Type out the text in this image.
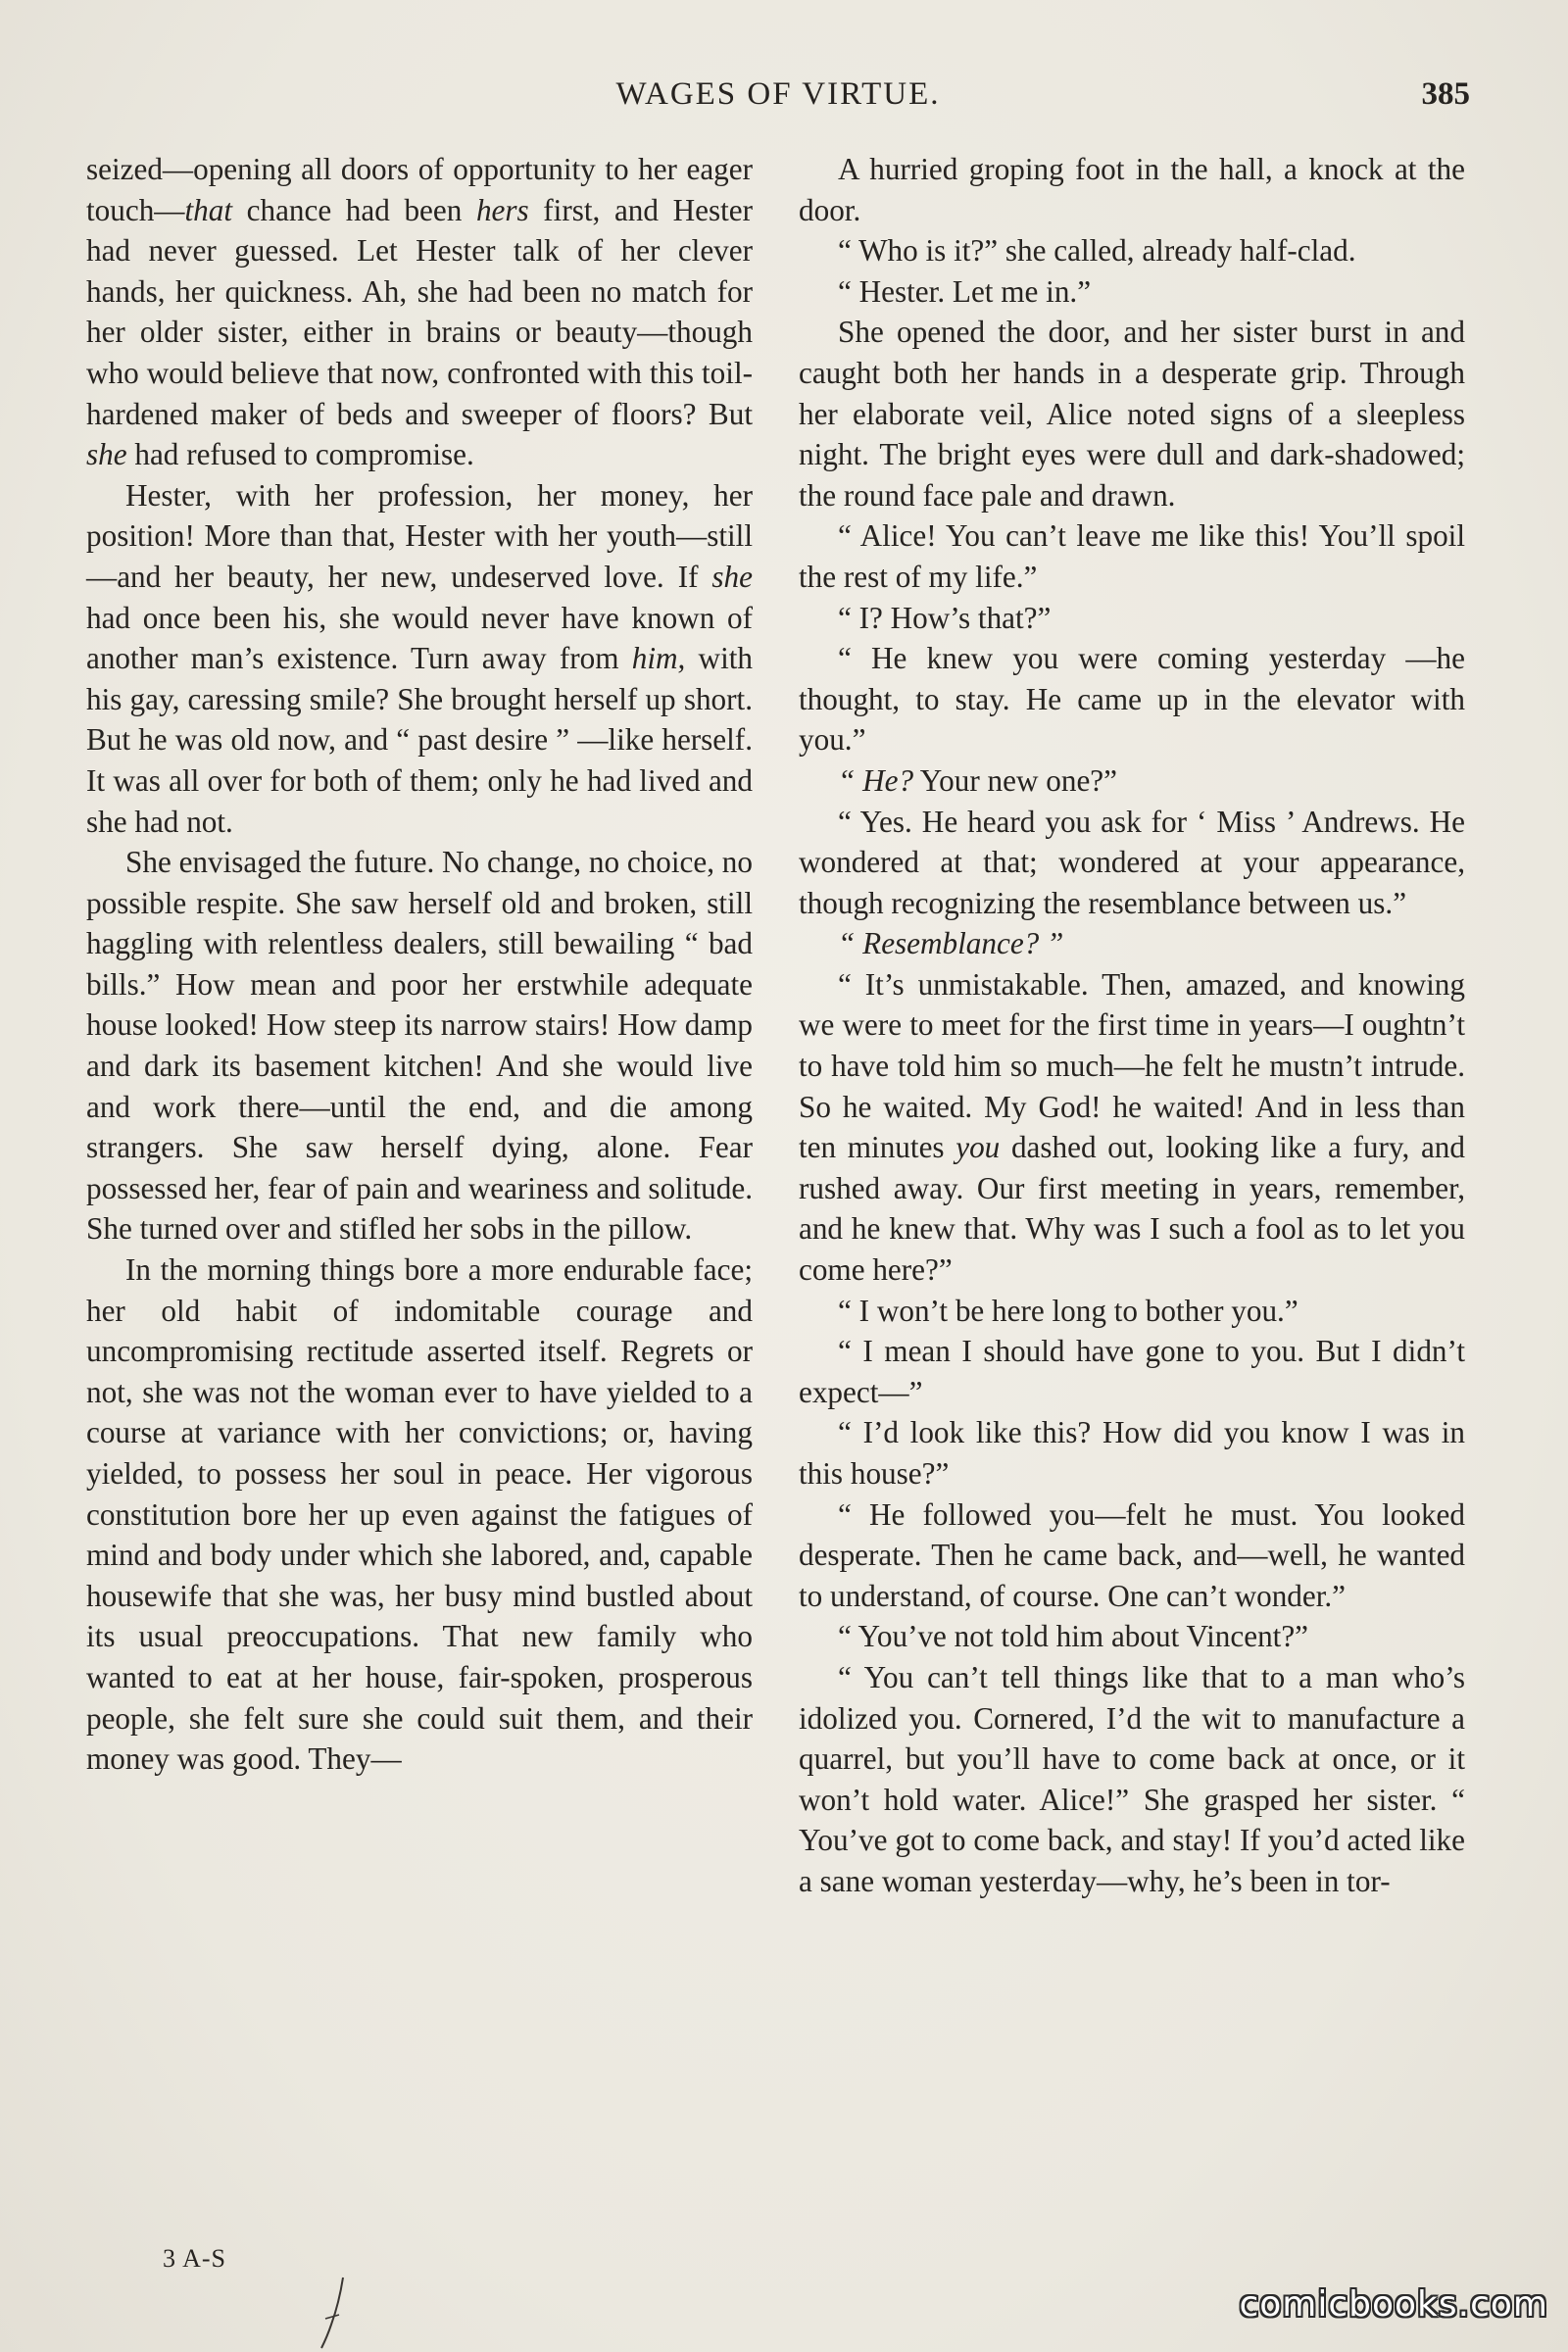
WAGES OF VIRTUE.	385

seized—opening all doors of opportunity to her eager touch—that chance had been hers first, and Hester had never guessed. Let Hester talk of her clever hands, her quickness. Ah, she had been no match for her older sister, either in brains or beauty—though who would believe that now, confronted with this toil-hardened maker of beds and sweeper of floors? But she had refused to compromise.

Hester, with her profession, her money, her position! More than that, Hester with her youth—still—and her beauty, her new, undeserved love. If she had once been his, she would never have known of another man’s existence. Turn away from him, with his gay, caressing smile? She brought herself up short. But he was old now, and “ past desire ” —like herself. It was all over for both of them; only he had lived and she had not.

She envisaged the future. No change, no choice, no possible respite. She saw herself old and broken, still haggling with relentless dealers, still bewailing “ bad bills.” How mean and poor her erstwhile adequate house looked! How steep its narrow stairs! How damp and dark its basement kitchen! And she would live and work there—until the end, and die among strangers. She saw herself dying, alone. Fear possessed her, fear of pain and weariness and solitude. She turned over and stifled her sobs in the pillow.

In the morning things bore a more endurable face; her old habit of indomitable courage and uncompromising rectitude asserted itself. Regrets or not, she was not the woman ever to have yielded to a course at variance with her convictions; or, having yielded, to possess her soul in peace. Her vigorous constitution bore her up even against the fatigues of mind and body under which she labored, and, capable housewife that she was, her busy mind bustled about its usual preoccupations. That new family who wanted to eat at her house, fair-spoken, prosperous people, she felt sure she could suit them, and their money was good. They—

A hurried groping foot in the hall, a knock at the door.

“ Who is it?” she called, already half-clad.

“ Hester. Let me in.”

She opened the door, and her sister burst in and caught both her hands in a desperate grip. Through her elaborate veil, Alice noted signs of a sleepless night. The bright eyes were dull and dark-shadowed; the round face pale and drawn.

“ Alice! You can’t leave me like this! You’ll spoil the rest of my life.”

“ I? How’s that?”

“ He knew you were coming yesterday —he thought, to stay. He came up in the elevator with you.”

“ He? Your new one?”

“ Yes. He heard you ask for ‘ Miss ’ Andrews. He wondered at that; wondered at your appearance, though recognizing the resemblance between us.”

“ Resemblance? ”

“ It’s unmistakable. Then, amazed, and knowing we were to meet for the first time in years—I oughtn’t to have told him so much—he felt he mustn’t intrude. So he waited. My God! he waited! And in less than ten minutes you dashed out, looking like a fury, and rushed away. Our first meeting in years, remember, and he knew that. Why was I such a fool as to let you come here?”

“ I won’t be here long to bother you.”

“ I mean I should have gone to you. But I didn’t expect—”

“ I’d look like this? How did you know I was in this house?”

“ He followed you—felt he must. You looked desperate. Then he came back, and—well, he wanted to understand, of course. One can’t wonder.”

“ You’ve not told him about Vincent?”

“ You can’t tell things like that to a man who’s idolized you. Cornered, I’d the wit to manufacture a quarrel, but you’ll have to come back at once, or it won’t hold water. Alice!” She grasped her sister. “ You’ve got to come back, and stay! If you’d acted like a sane woman yesterday—why, he’s been in tor-

3 A-S
comicbooks.com
